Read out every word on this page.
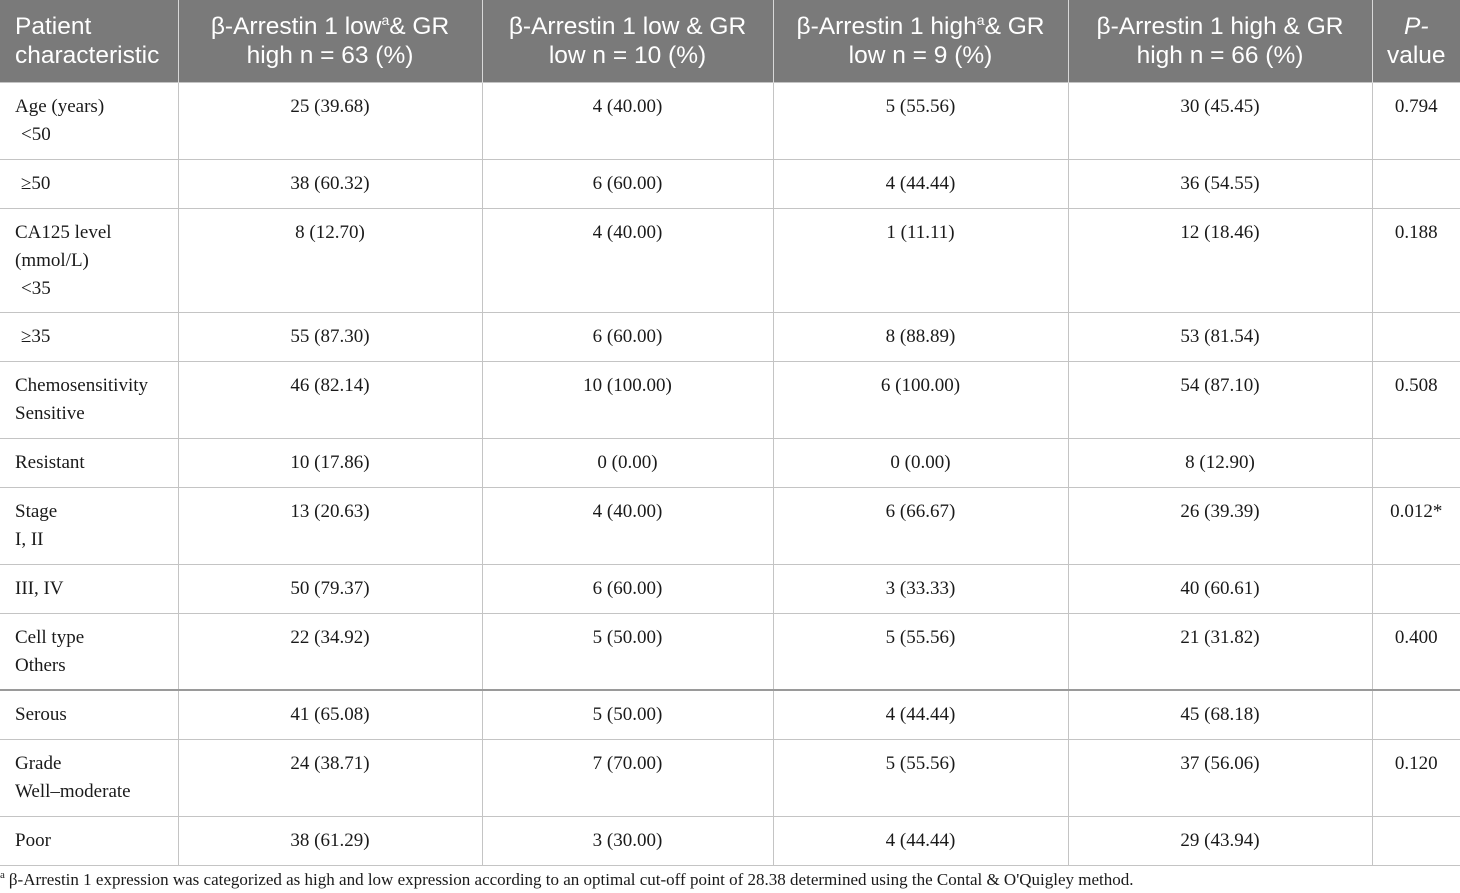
Patient
characteristic	β-Arrestin 1 low$^a$& GR
high n = 63 (%)	β-Arrestin 1 low & GR
low n = 10 (%)	β-Arrestin 1 high$^a$& GR
low n = 9 (%)	β-Arrestin 1 high & GR
high n = 66 (%)	P-
value

Age (years)
<50	25 (39.68)	4 (40.00)	5 (55.56)	30 (45.45)	0.794

≥50	38 (60.32)	6 (60.00)	4 (44.44)	36 (54.55)	

CA125 level
(mmol/L)
<35	8 (12.70)	4 (40.00)	1 (11.11)	12 (18.46)	0.188

≥35	55 (87.30)	6 (60.00)	8 (88.89)	53 (81.54)	

Chemosensitivity
Sensitive	46 (82.14)	10 (100.00)	6 (100.00)	54 (87.10)	0.508

Resistant	10 (17.86)	0 (0.00)	0 (0.00)	8 (12.90)	

Stage
I, II	13 (20.63)	4 (40.00)	6 (66.67)	26 (39.39)	0.012*

III, IV	50 (79.37)	6 (60.00)	3 (33.33)	40 (60.61)	

Cell type
Others	22 (34.92)	5 (50.00)	5 (55.56)	21 (31.82)	0.400

Serous	41 (65.08)	5 (50.00)	4 (44.44)	45 (68.18)	

Grade
Well–moderate	24 (38.71)	7 (70.00)	5 (55.56)	37 (56.06)	0.120

Poor	38 (61.29)	3 (30.00)	4 (44.44)	29 (43.94)	
$^a$ β-Arrestin 1 expression was categorized as high and low expression according to an optimal cut-off point of 28.38 determined using the Contal & O'Quigley method.
